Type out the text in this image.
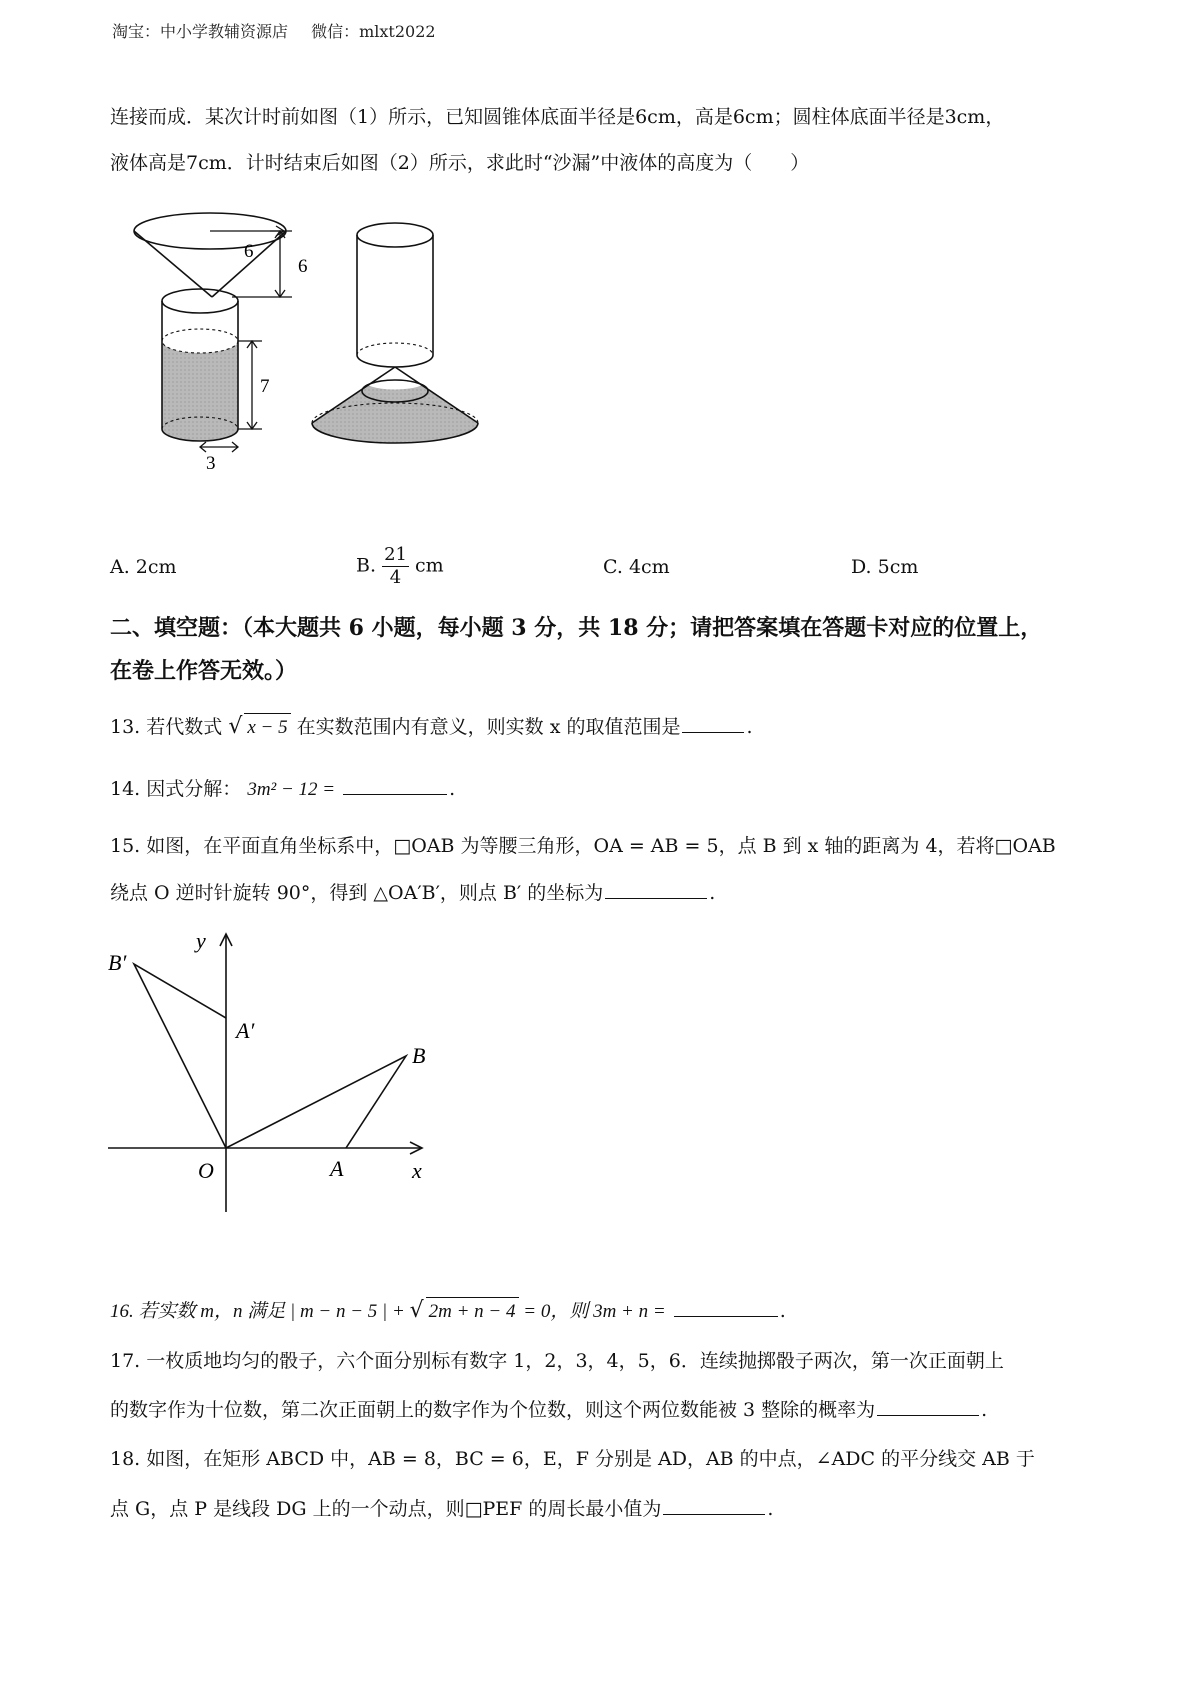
淘宝：中小学教辅资源店 微信：mlxt2022
连接而成．某次计时前如图（1）所示，已知圆锥体底面半径是6cm，高是6cm；圆柱体底面半径是3cm，
液体高是7cm．计时结束后如图（2）所示，求此时“沙漏”中液体的高度为（　　）
6
6
7
3
A. 2cm	B. $\frac{21}{4}$ cm	C. 4cm	D. 5cm
二、填空题：（本大题共 6 小题，每小题 3 分，共 18 分；请把答案填在答题卡对应的位置上，
在卷上作答无效。）
13. 若代数式 √ x − 5 在实数范围内有意义，则实数 x 的取值范围是	.
14. 因式分解： 3m² − 12 =	.
15. 如图，在平面直角坐标系中，□OAB 为等腰三角形，OA = AB = 5，点 B 到 x 轴的距离为 4，若将□OAB
绕点 O 逆时针旋转 90°，得到 △OA′B′，则点 B′ 的坐标为	.
B′
A′
B
A
O	x
y
16. 若实数 m，n 满足 | m − n − 5 | + √ 2m + n − 4 = 0，则 3m + n =	.
17. 一枚质地均匀的骰子，六个面分别标有数字 1，2，3，4，5，6．连续抛掷骰子两次，第一次正面朝上
的数字作为十位数，第二次正面朝上的数字作为个位数，则这个两位数能被 3 整除的概率为	.
18. 如图，在矩形 ABCD 中，AB = 8，BC = 6，E，F 分别是 AD，AB 的中点，∠ADC 的平分线交 AB 于
点 G，点 P 是线段 DG 上的一个动点，则□PEF 的周长最小值为	.
